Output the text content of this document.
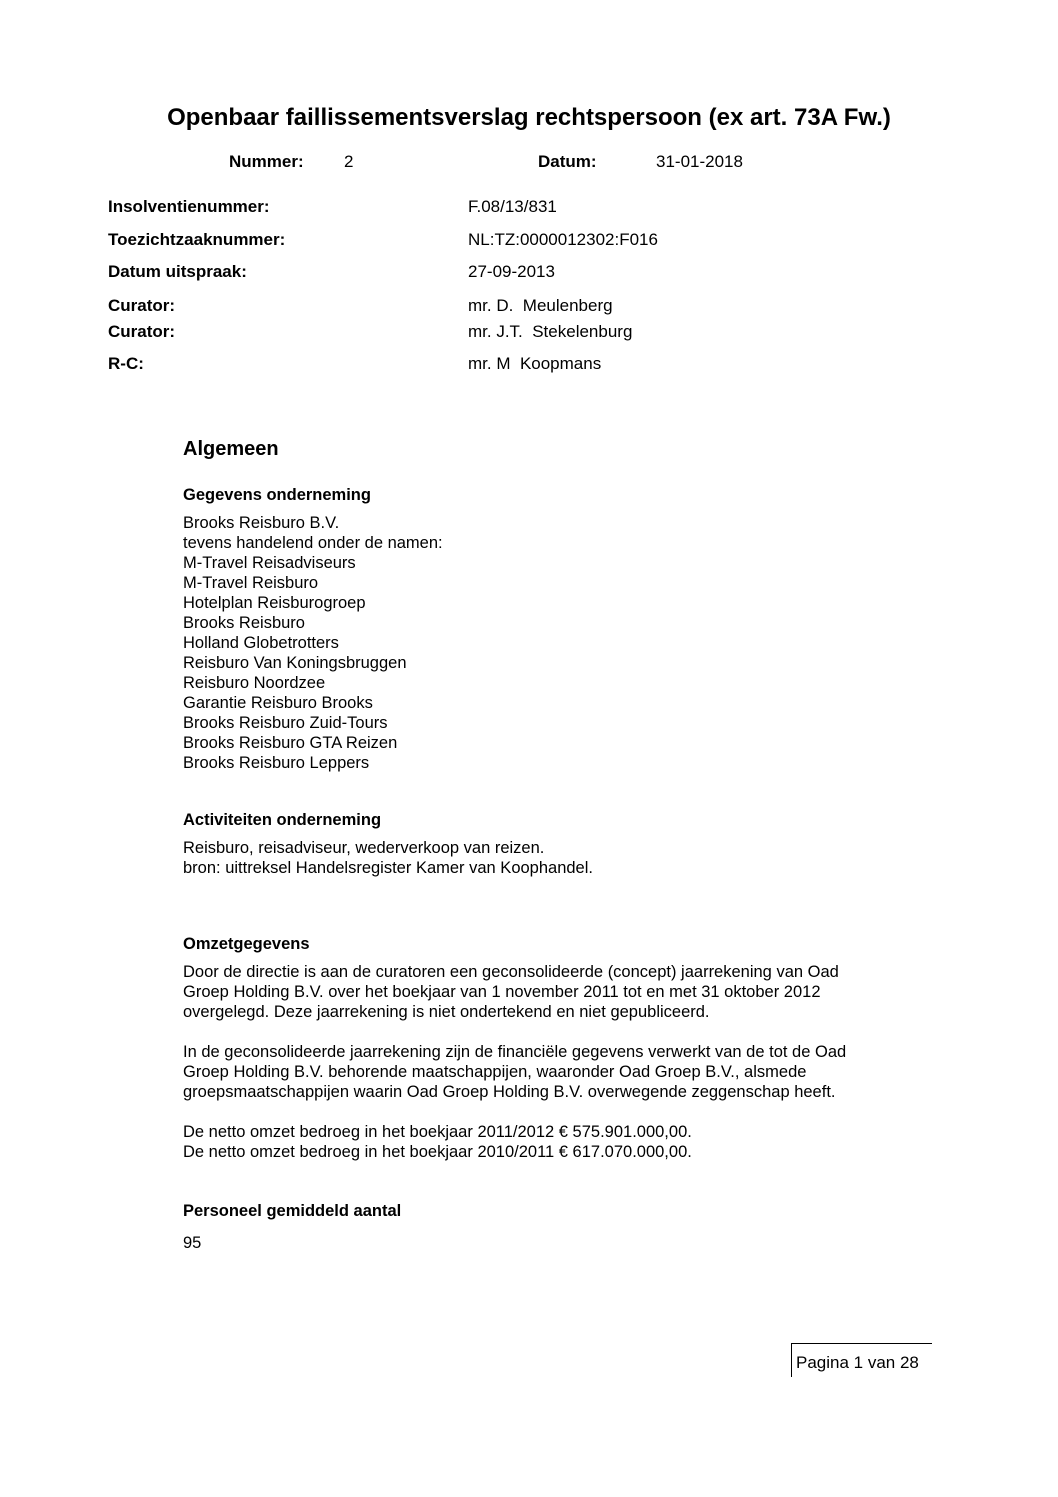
Openbaar faillissementsverslag rechtspersoon (ex art. 73A Fw.)
Nummer: 2	Datum:	31-01-2018
Insolventienummer:	F.08/13/831
Toezichtzaaknummer:	NL:TZ:0000012302:F016
Datum uitspraak:	27-09-2013
Curator:	mr. D.  Meulenberg
Curator:	mr. J.T.  Stekelenburg
R-C:	mr. M  Koopmans
Algemeen
Gegevens onderneming
Brooks Reisburo B.V.
tevens handelend onder de namen:
M-Travel Reisadviseurs
M-Travel Reisburo
Hotelplan Reisburogroep
Brooks Reisburo
Holland Globetrotters
Reisburo Van Koningsbruggen
Reisburo Noordzee
Garantie Reisburo Brooks
Brooks Reisburo Zuid-Tours
Brooks Reisburo GTA Reizen
Brooks Reisburo Leppers
Activiteiten onderneming
Reisburo, reisadviseur, wederverkoop van reizen.
bron: uittreksel Handelsregister Kamer van Koophandel.
Omzetgegevens
Door de directie is aan de curatoren een geconsolideerde (concept) jaarrekening van Oad
Groep Holding B.V. over het boekjaar van 1 november 2011 tot en met 31 oktober 2012
overgelegd. Deze jaarrekening is niet ondertekend en niet gepubliceerd.
In de geconsolideerde jaarrekening zijn de financiële gegevens verwerkt van de tot de Oad
Groep Holding B.V. behorende maatschappijen, waaronder Oad Groep B.V., alsmede
groepsmaatschappijen waarin Oad Groep Holding B.V. overwegende zeggenschap heeft.
De netto omzet bedroeg in het boekjaar 2011/2012 € 575.901.000,00.
De netto omzet bedroeg in het boekjaar 2010/2011 € 617.070.000,00.
Personeel gemiddeld aantal
95
Pagina 1 van 28
